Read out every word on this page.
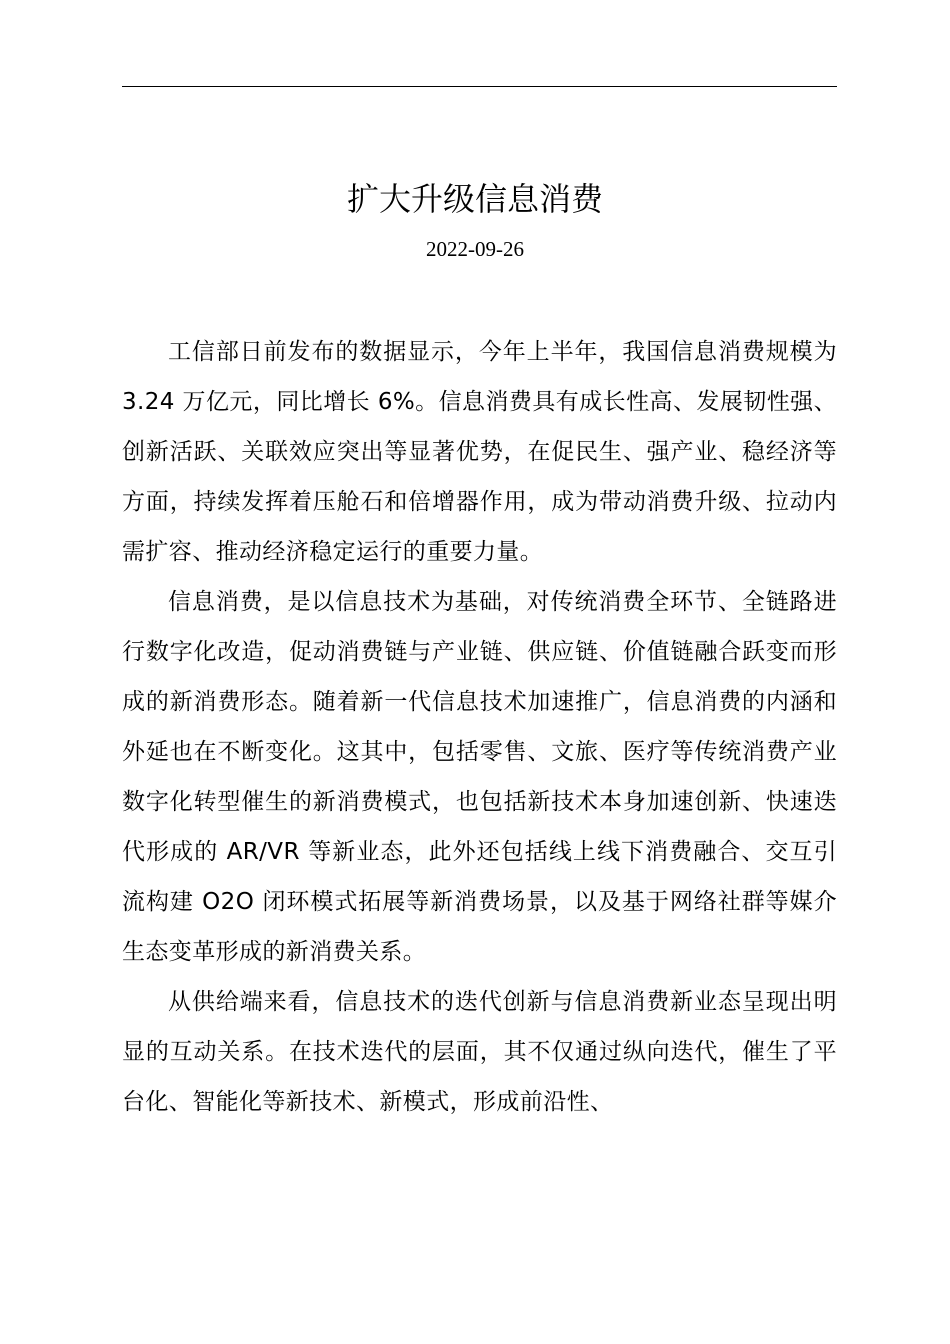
扩大升级信息消费
2022-09-26

工信部日前发布的数据显示，今年上半年，我国信息消费规模为 3.24 万亿元，同比增长 6%。信息消费具有成长性高、发展韧性强、创新活跃、关联效应突出等显著优势，在促民生、强产业、稳经济等方面，持续发挥着压舱石和倍增器作用，成为带动消费升级、拉动内需扩容、推动经济稳定运行的重要力量。

信息消费，是以信息技术为基础，对传统消费全环节、全链路进行数字化改造，促动消费链与产业链、供应链、价值链融合跃变而形成的新消费形态。随着新一代信息技术加速推广，信息消费的内涵和外延也在不断变化。这其中，包括零售、文旅、医疗等传统消费产业数字化转型催生的新消费模式，也包括新技术本身加速创新、快速迭代形成的 AR/VR 等新业态，此外还包括线上线下消费融合、交互引流构建 O2O 闭环模式拓展等新消费场景，以及基于网络社群等媒介生态变革形成的新消费关系。

从供给端来看，信息技术的迭代创新与信息消费新业态呈现出明显的互动关系。在技术迭代的层面，其不仅通过纵向迭代，催生了平台化、智能化等新技术、新模式，形成前沿性、
